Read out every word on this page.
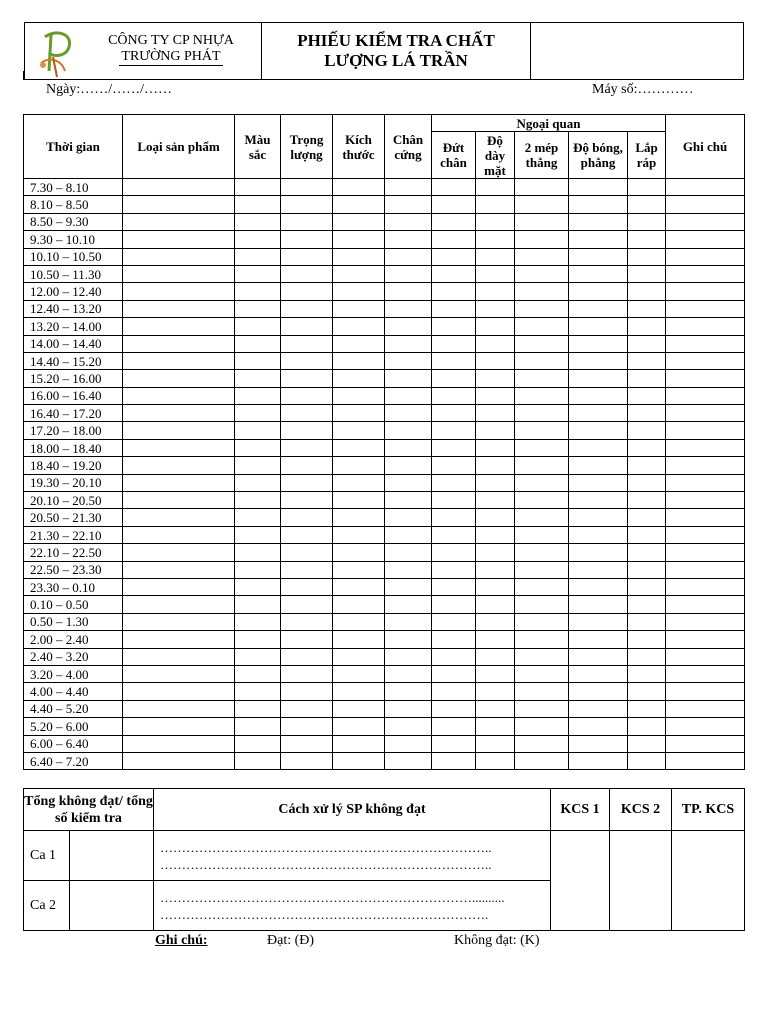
CÔNG TY CP NHỰA
TRƯỜNG PHÁT

PHIẾU KIỂM TRA CHẤT
LƯỢNG LÁ TRẦN

Ngày:……/……/……	Máy số:…………
Thời gian	Loại sản phẩm	Màu sắc	Trọng lượng	Kích thước	Chân cứng	Ngoại quan					Ghi chú
						Đứt chân	Độ dày mặt	2 mép thẳng	Độ bóng, phẳng	Lắp ráp	
7.30 – 8.10											
8.10 – 8.50											
8.50 – 9.30											
9.30 – 10.10											
10.10 – 10.50											
10.50 – 11.30											
12.00 – 12.40											
12.40 – 13.20											
13.20 – 14.00											
14.00 – 14.40											
14.40 – 15.20											
15.20 – 16.00											
16.00 – 16.40											
16.40 – 17.20											
17.20 – 18.00											
18.00 – 18.40											
18.40 – 19.20											
19.30 – 20.10											
20.10 – 20.50											
20.50 – 21.30											
21.30 – 22.10											
22.10 – 22.50											
22.50 – 23.30											
23.30 – 0.10											
0.10 – 0.50											
0.50 – 1.30											
2.00 – 2.40											
2.40 – 3.20											
3.20 – 4.00											
4.00 – 4.40											
4.40 – 5.20											
5.20 – 6.00											
6.00 – 6.40											
6.40 – 7.20											
Tổng không đạt/ tổng số kiểm tra		Cách xử lý SP không đạt	KCS 1	KCS 2	TP. KCS
Ca 1		…………………………………………………………………..
…………………………………………………………………..			

Ca 2		………………………………………………………………..........
………………………………………………………………….			
Ghi chú:	Đạt: (Đ)	Không đạt: (K)
